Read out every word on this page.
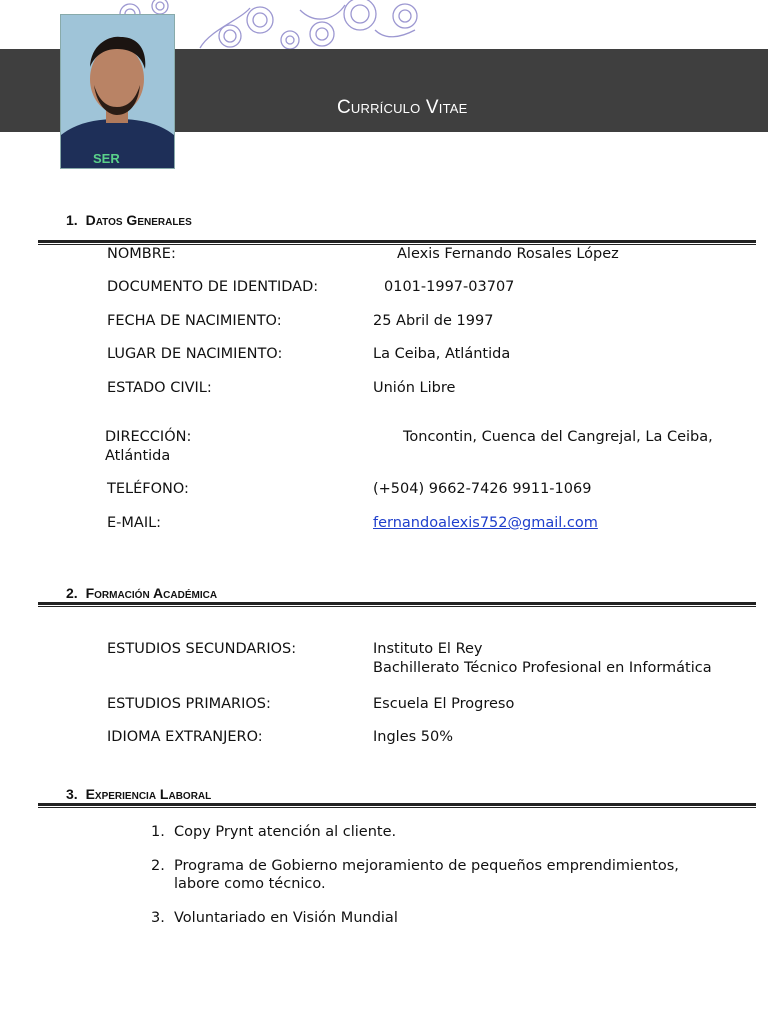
Currículo Vitae
SER
1. Datos Generales
NOMBRE:	Alexis Fernando Rosales López
DOCUMENTO DE IDENTIDAD:	0101-1997-03707
FECHA DE NACIMIENTO:	25 Abril de 1997
LUGAR DE NACIMIENTO:	La Ceiba, Atlántida
ESTADO CIVIL:	Unión Libre
DIRECCIÓN:	Toncontin, Cuenca del Cangrejal, La Ceiba,
Atlántida
TELÉFONO:	(+504) 9662-7426 9911-1069
E-MAIL:	fernandoalexis752@gmail.com
2. Formación Académica
ESTUDIOS SECUNDARIOS:	Instituto El Rey
Bachillerato Técnico Profesional en Informática
ESTUDIOS PRIMARIOS:	Escuela El Progreso
IDIOMA EXTRANJERO:	Ingles 50%
3. Experiencia Laboral
1. Copy Prynt atención al cliente.
2. Programa de Gobierno mejoramiento de pequeños emprendimientos, labore como técnico.
3. Voluntariado en Visión Mundial
